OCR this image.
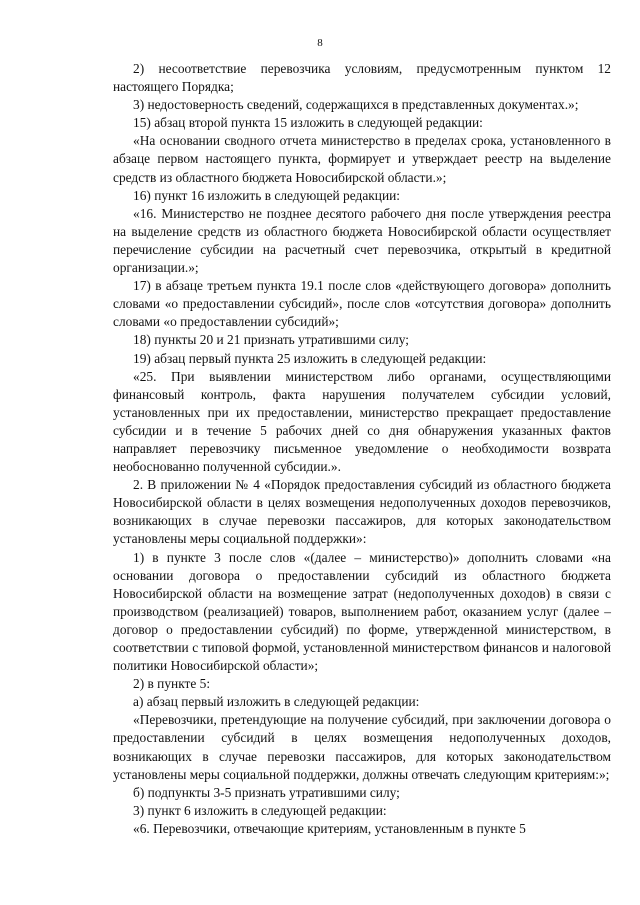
8

2) несоответствие перевозчика условиям, предусмотренным пунктом 12 настоящего Порядка;

3) недостоверность сведений, содержащихся в представленных документах.»;

15) абзац второй пункта 15 изложить в следующей редакции:

«На основании сводного отчета министерство в пределах срока, установленного в абзаце первом настоящего пункта, формирует и утверждает реестр на выделение средств из областного бюджета Новосибирской области.»;

16) пункт 16 изложить в следующей редакции:

«16. Министерство не позднее десятого рабочего дня после утверждения реестра на выделение средств из областного бюджета Новосибирской области осуществляет перечисление субсидии на расчетный счет перевозчика, открытый в кредитной организации.»;

17) в абзаце третьем пункта 19.1 после слов «действующего договора» дополнить словами «о предоставлении субсидий», после слов «отсутствия договора» дополнить словами «о предоставлении субсидий»;

18) пункты 20 и 21 признать утратившими силу;

19) абзац первый пункта 25 изложить в следующей редакции:

«25. При выявлении министерством либо органами, осуществляющими финансовый контроль, факта нарушения получателем субсидии условий, установленных при их предоставлении, министерство прекращает предоставление субсидии и в течение 5 рабочих дней со дня обнаружения указанных фактов направляет перевозчику письменное уведомление о необходимости возврата необоснованно полученной субсидии.».

2. В приложении № 4 «Порядок предоставления субсидий из областного бюджета Новосибирской области в целях возмещения недополученных доходов перевозчиков, возникающих в случае перевозки пассажиров, для которых законодательством установлены меры социальной поддержки»:

1) в пункте 3 после слов «(далее – министерство)» дополнить словами «на основании договора о предоставлении субсидий из областного бюджета Новосибирской области на возмещение затрат (недополученных доходов) в связи с производством (реализацией) товаров, выполнением работ, оказанием услуг (далее – договор о предоставлении субсидий) по форме, утвержденной министерством, в соответствии с типовой формой, установленной министерством финансов и налоговой политики Новосибирской области»;

2) в пункте 5:

а) абзац первый изложить в следующей редакции:

«Перевозчики, претендующие на получение субсидий, при заключении договора о предоставлении субсидий в целях возмещения недополученных доходов, возникающих в случае перевозки пассажиров, для которых законодательством установлены меры социальной поддержки, должны отвечать следующим критериям:»;

б) подпункты 3-5 признать утратившими силу;

3) пункт 6 изложить в следующей редакции:

«6. Перевозчики, отвечающие критериям, установленным в пункте 5
